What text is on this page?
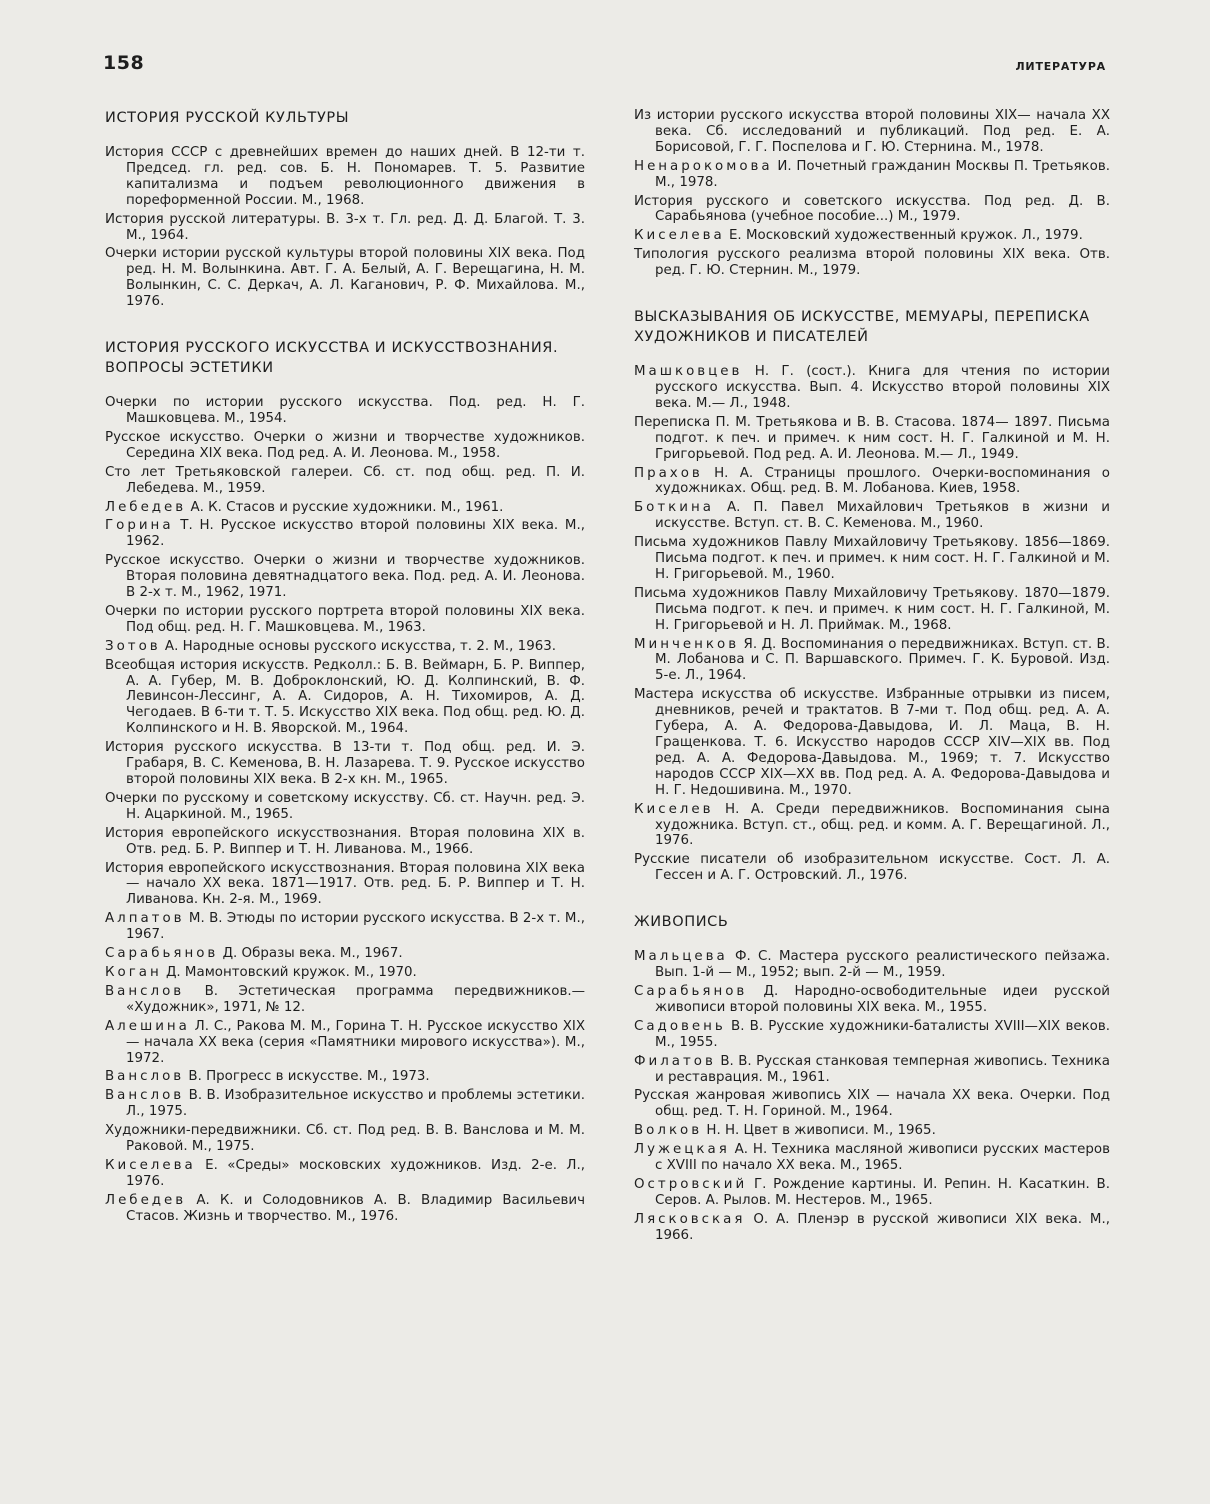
158	ЛИТЕРАТУРА
ИСТОРИЯ РУССКОЙ КУЛЬТУРЫ
История СССР с древнейших времен до наших дней. В 12-ти т. Председ. гл. ред. сов. Б. Н. Пономарев. Т. 5. Развитие капитализма и подъем революционного движения в пореформенной России. М., 1968.
История русской литературы. В. 3-х т. Гл. ред. Д. Д. Благой. Т. 3. М., 1964.
Очерки истории русской культуры второй половины XIX века. Под ред. Н. М. Волынкина. Авт. Г. А. Белый, А. Г. Верещагина, Н. М. Волынкин, С. С. Деркач, А. Л. Каганович, Р. Ф. Михайлова. М., 1976.
ИСТОРИЯ РУССКОГО ИСКУССТВА И ИСКУССТВОЗНАНИЯ. ВОПРОСЫ ЭСТЕТИКИ
Очерки по истории русского искусства. Под. ред. Н. Г. Машковцева. М., 1954.
Русское искусство. Очерки о жизни и творчестве художников. Середина XIX века. Под ред. А. И. Леонова. М., 1958.
Сто лет Третьяковской галереи. Сб. ст. под общ. ред. П. И. Лебедева. М., 1959.
Лебедев А. К. Стасов и русские художники. М., 1961.
Горина Т. Н. Русское искусство второй половины XIX века. М., 1962.
Русское искусство. Очерки о жизни и творчестве художников. Вторая половина девятнадцатого века. Под. ред. А. И. Леонова. В 2-х т. М., 1962, 1971.
Очерки по истории русского портрета второй половины XIX века. Под общ. ред. Н. Г. Машковцева. М., 1963.
Зотов А. Народные основы русского искусства, т. 2. М., 1963.
Всеобщая история искусств. Редколл.: Б. В. Веймарн, Б. Р. Виппер, А. А. Губер, М. В. Доброклонский, Ю. Д. Колпинский, В. Ф. Левинсон-Лессинг, А. А. Сидоров, А. Н. Тихомиров, А. Д. Чегодаев. В 6-ти т. Т. 5. Искусство XIX века. Под общ. ред. Ю. Д. Колпинского и Н. В. Яворской. М., 1964.
История русского искусства. В 13-ти т. Под общ. ред. И. Э. Грабаря, В. С. Кеменова, В. Н. Лазарева. Т. 9. Русское искусство второй половины XIX века. В 2-х кн. М., 1965.
Очерки по русскому и советскому искусству. Сб. ст. Научн. ред. Э. Н. Ацаркиной. М., 1965.
История европейского искусствознания. Вторая половина XIX в. Отв. ред. Б. Р. Виппер и Т. Н. Ливанова. М., 1966.
История европейского искусствознания. Вторая половина XIX века — начало XX века. 1871—1917. Отв. ред. Б. Р. Виппер и Т. Н. Ливанова. Кн. 2-я. М., 1969.
Алпатов М. В. Этюды по истории русского искусства. В 2-х т. М., 1967.
Сарабьянов Д. Образы века. М., 1967.
Коган Д. Мамонтовский кружок. М., 1970.
Ванслов В. Эстетическая программа передвижников.— «Художник», 1971, № 12.
Алешина Л. С., Ракова М. М., Горина Т. Н. Русское искусство XIX — начала XX века (серия «Памятники мирового искусства»). М., 1972.
Ванслов В. Прогресс в искусстве. М., 1973.
Ванслов В. В. Изобразительное искусство и проблемы эстетики. Л., 1975.
Художники-передвижники. Сб. ст. Под ред. В. В. Ванслова и М. М. Раковой. М., 1975.
Киселева Е. «Среды» московских художников. Изд. 2-е. Л., 1976.
Лебедев А. К. и Солодовников А. В. Владимир Васильевич Стасов. Жизнь и творчество. М., 1976.
Из истории русского искусства второй половины XIX— начала XX века. Сб. исследований и публикаций. Под ред. Е. А. Борисовой, Г. Г. Поспелова и Г. Ю. Стернина. М., 1978.
Ненарокомова И. Почетный гражданин Москвы П. Третьяков. М., 1978.
История русского и советского искусства. Под ред. Д. В. Сарабьянова (учебное пособие...) М., 1979.
Киселева Е. Московский художественный кружок. Л., 1979.
Типология русского реализма второй половины XIX века. Отв. ред. Г. Ю. Стернин. М., 1979.
ВЫСКАЗЫВАНИЯ ОБ ИСКУССТВЕ, МЕМУАРЫ, ПЕРЕПИСКА ХУДОЖНИКОВ И ПИСАТЕЛЕЙ
Машковцев Н. Г. (сост.). Книга для чтения по истории русского искусства. Вып. 4. Искусство второй половины XIX века. М.— Л., 1948.
Переписка П. М. Третьякова и В. В. Стасова. 1874— 1897. Письма подгот. к печ. и примеч. к ним сост. Н. Г. Галкиной и М. Н. Григорьевой. Под ред. А. И. Леонова. М.— Л., 1949.
Прахов Н. А. Страницы прошлого. Очерки-воспоминания о художниках. Общ. ред. В. М. Лобанова. Киев, 1958.
Боткина А. П. Павел Михайлович Третьяков в жизни и искусстве. Вступ. ст. В. С. Кеменова. М., 1960.
Письма художников Павлу Михайловичу Третьякову. 1856—1869. Письма подгот. к печ. и примеч. к ним сост. Н. Г. Галкиной и М. Н. Григорьевой. М., 1960.
Письма художников Павлу Михайловичу Третьякову. 1870—1879. Письма подгот. к печ. и примеч. к ним сост. Н. Г. Галкиной, М. Н. Григорьевой и Н. Л. Приймак. М., 1968.
Минченков Я. Д. Воспоминания о передвижниках. Вступ. ст. В. М. Лобанова и С. П. Варшавского. Примеч. Г. К. Буровой. Изд. 5-е. Л., 1964.
Мастера искусства об искусстве. Избранные отрывки из писем, дневников, речей и трактатов. В 7-ми т. Под общ. ред. А. А. Губера, А. А. Федорова-Давыдова, И. Л. Маца, В. Н. Гращенкова. Т. 6. Искусство народов СССР XIV—XIX вв. Под ред. А. А. Федорова-Давыдова. М., 1969; т. 7. Искусство народов СССР XIX—XX вв. Под ред. А. А. Федорова-Давыдова и Н. Г. Недошивина. М., 1970.
Киселев Н. А. Среди передвижников. Воспоминания сына художника. Вступ. ст., общ. ред. и комм. А. Г. Верещагиной. Л., 1976.
Русские писатели об изобразительном искусстве. Сост. Л. А. Гессен и А. Г. Островский. Л., 1976.
ЖИВОПИСЬ
Мальцева Ф. С. Мастера русского реалистического пейзажа. Вып. 1-й — М., 1952; вып. 2-й — М., 1959.
Сарабьянов Д. Народно-освободительные идеи русской живописи второй половины XIX века. М., 1955.
Садовень В. В. Русские художники-баталисты XVIII—XIX веков. М., 1955.
Филатов В. В. Русская станковая темперная живопись. Техника и реставрация. М., 1961.
Русская жанровая живопись XIX — начала XX века. Очерки. Под общ. ред. Т. Н. Гориной. М., 1964.
Волков Н. Н. Цвет в живописи. М., 1965.
Лужецкая А. Н. Техника масляной живописи русских мастеров с XVIII по начало XX века. М., 1965.
Островский Г. Рождение картины. И. Репин. Н. Касаткин. В. Серов. А. Рылов. М. Нестеров. М., 1965.
Лясковская О. А. Пленэр в русской живописи XIX века. М., 1966.
